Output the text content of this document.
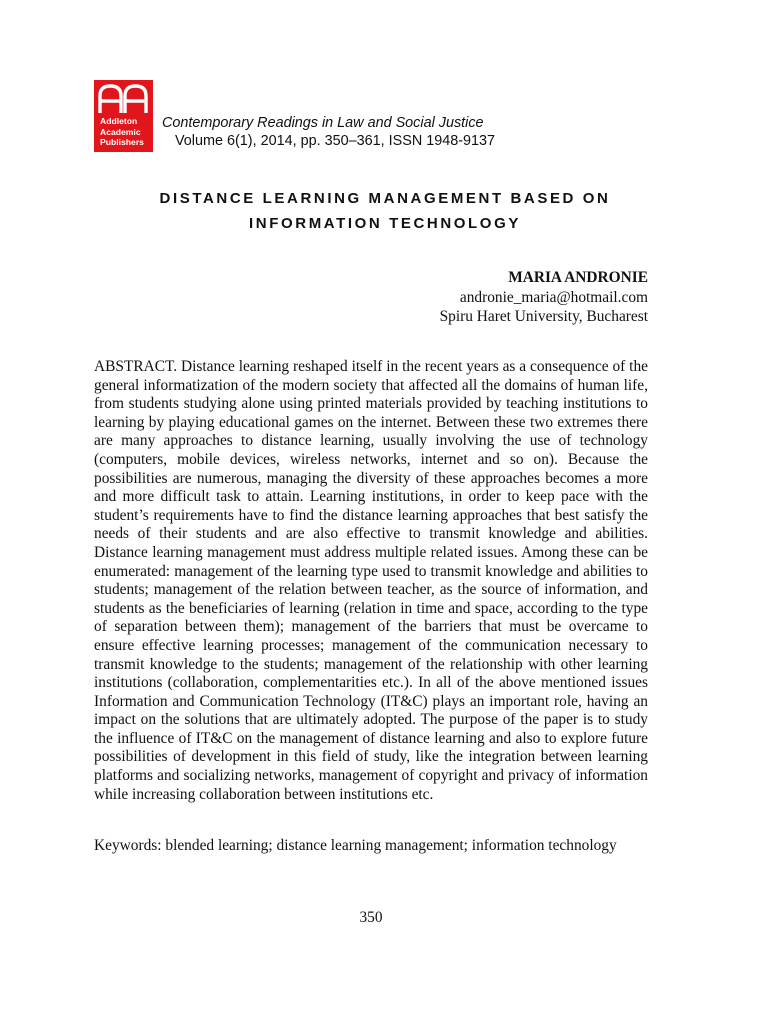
Addleton
Academic
Publishers
Contemporary Readings in Law and Social Justice
Volume 6(1), 2014, pp. 350–361, ISSN 1948-9137
DISTANCE LEARNING MANAGEMENT BASED ON
INFORMATION TECHNOLOGY
MARIA ANDRONIE
andronie_maria@hotmail.com
Spiru Haret University, Bucharest
ABSTRACT. Distance learning reshaped itself in the recent years as a consequence of the general informatization of the modern society that affected all the domains of human life, from students studying alone using printed materials provided by teaching institutions to learning by playing educational games on the internet. Between these two extremes there are many approaches to distance learning, usually involving the use of technology (computers, mobile devices, wireless networks, internet and so on). Because the possibilities are numerous, managing the diversity of these approaches becomes a more and more difficult task to attain. Learning institutions, in order to keep pace with the student’s requirements have to find the distance learning approaches that best satisfy the needs of their students and are also effective to transmit knowledge and abilities. Distance learning management must address multiple related issues. Among these can be enumerated: management of the learning type used to transmit knowledge and abilities to students; management of the relation between teacher, as the source of information, and students as the beneficiaries of learning (relation in time and space, according to the type of separation between them); management of the barriers that must be overcame to ensure effective learning processes; management of the communication necessary to transmit knowledge to the students; management of the relationship with other learning institutions (collaboration, complementarities etc.). In all of the above mentioned issues Information and Communication Technology (IT&C) plays an important role, having an impact on the solutions that are ultimately adopted. The purpose of the paper is to study the influence of IT&C on the management of distance learning and also to explore future possibilities of development in this field of study, like the integration between learning platforms and socializing networks, management of copyright and privacy of information while increasing collaboration between institutions etc.
Keywords: blended learning; distance learning management; information technology
350
